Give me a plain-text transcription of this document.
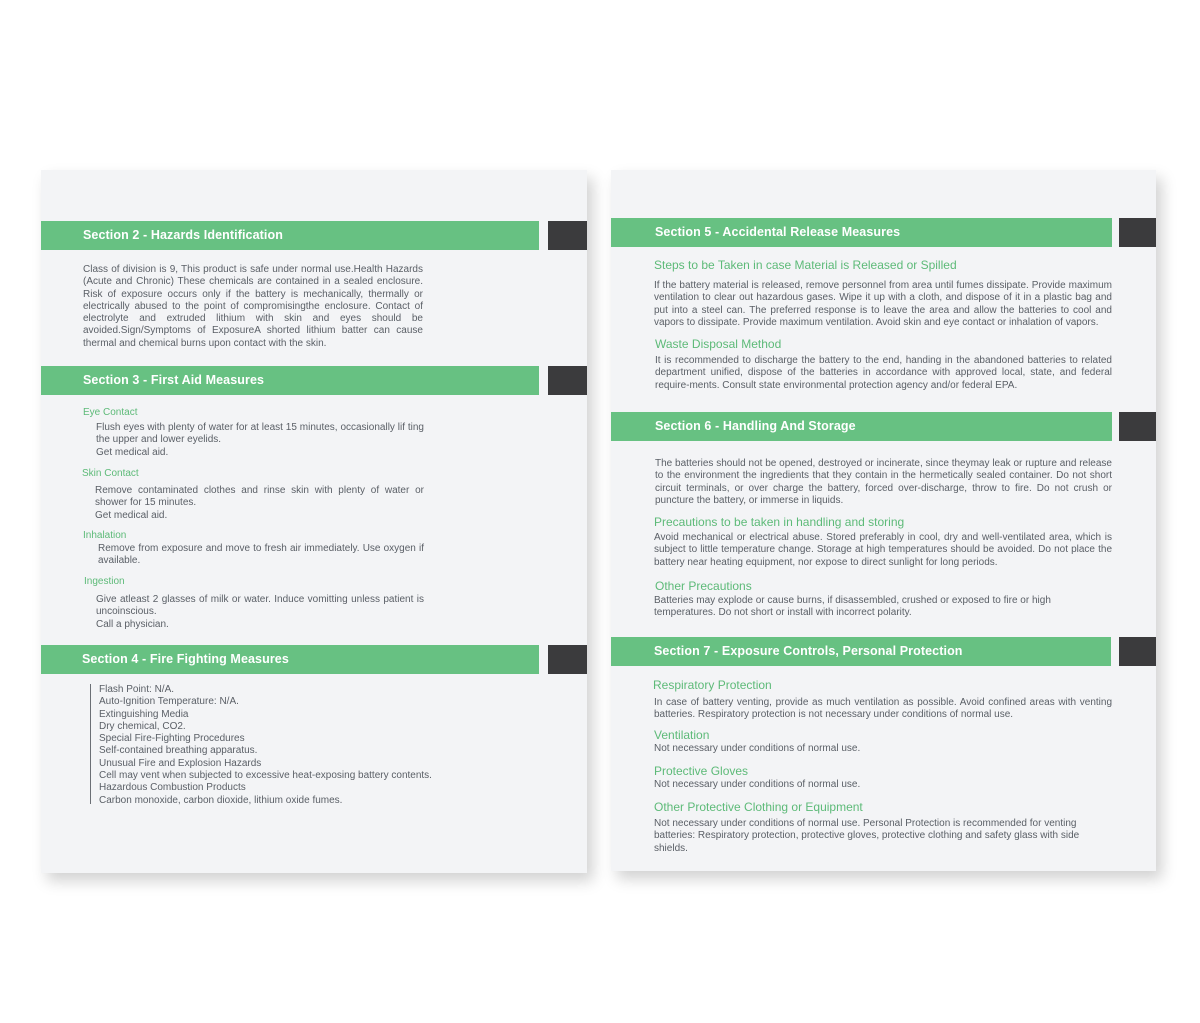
Section 2 - Hazards Identification
Class of division is 9, This product is safe under normal use.Health Hazards (Acute and Chronic) These chemicals are contained in a sealed enclosure. Risk of exposure occurs only if the battery is mechanically, thermally or electrically abused to the point of compromisingthe enclosure. Contact of electrolyte and extruded lithium with skin and eyes should be avoided.Sign/Symptoms of ExposureA shorted lithium batter can cause thermal and chemical burns upon contact with the skin.
Section 3 - First Aid Measures
Eye Contact
Flush eyes with plenty of water for at least 15 minutes, occasionally lif ting the upper and lower eyelids.
Get medical aid.
Skin Contact
Remove contaminated clothes and rinse skin with plenty of water or shower for 15 minutes.
Get medical aid.
Inhalation
Remove from exposure and move to fresh air immediately. Use oxygen if available.
Ingestion
Give atleast 2 glasses of milk or water. Induce vomitting unless patient is uncoinscious.
Call a physician.
Section 4 - Fire Fighting Measures
Flash Point: N/A.
Auto-Ignition Temperature: N/A.
Extinguishing Media
Dry chemical, CO2.
Special Fire-Fighting Procedures
Self-contained breathing apparatus.
Unusual Fire and Explosion Hazards
Cell may vent when subjected to excessive heat-exposing battery contents.
Hazardous Combustion Products
Carbon monoxide, carbon dioxide, lithium oxide fumes.
Section 5 - Accidental Release Measures
Steps to be Taken in case Material is Released or Spilled
If the battery material is released, remove personnel from area until fumes dissipate. Provide maximum ventilation to clear out hazardous gases. Wipe it up with a cloth, and dispose of it in a plastic bag and put into a steel can. The preferred response is to leave the area and allow the batteries to cool and vapors to dissipate. Provide maximum ventilation. Avoid skin and eye contact or inhalation of vapors.
Waste Disposal Method
It is recommended to discharge the battery to the end, handing in the abandoned batteries to related department unified, dispose of the batteries in accordance with approved local, state, and federal require-ments. Consult state environmental protection agency and/or federal EPA.
Section 6 - Handling And Storage
The batteries should not be opened, destroyed or incinerate, since theymay leak or rupture and release to the environment the ingredients that they contain in the hermetically sealed container. Do not short circuit terminals, or over charge the battery, forced over-discharge, throw to fire. Do not crush or puncture the battery, or immerse in liquids.
Precautions to be taken in handling and storing
Avoid mechanical or electrical abuse. Stored preferably in cool, dry and well-ventilated area, which is subject to little temperature change. Storage at high temperatures should be avoided. Do not place the battery near heating equipment, nor expose to direct sunlight for long periods.
Other Precautions
Batteries may explode or cause burns, if disassembled, crushed or exposed to fire or high temperatures. Do not short or install with incorrect polarity.
Section 7 - Exposure Controls, Personal Protection
Respiratory Protection
In case of battery venting, provide as much ventilation as possible. Avoid confined areas with venting batteries. Respiratory protection is not necessary under conditions of normal use.
Ventilation
Not necessary under conditions of normal use.
Protective Gloves
Not necessary under conditions of normal use.
Other Protective Clothing or Equipment
Not necessary under conditions of normal use. Personal Protection is recommended for venting batteries: Respiratory protection, protective gloves, protective clothing and safety glass with side shields.
